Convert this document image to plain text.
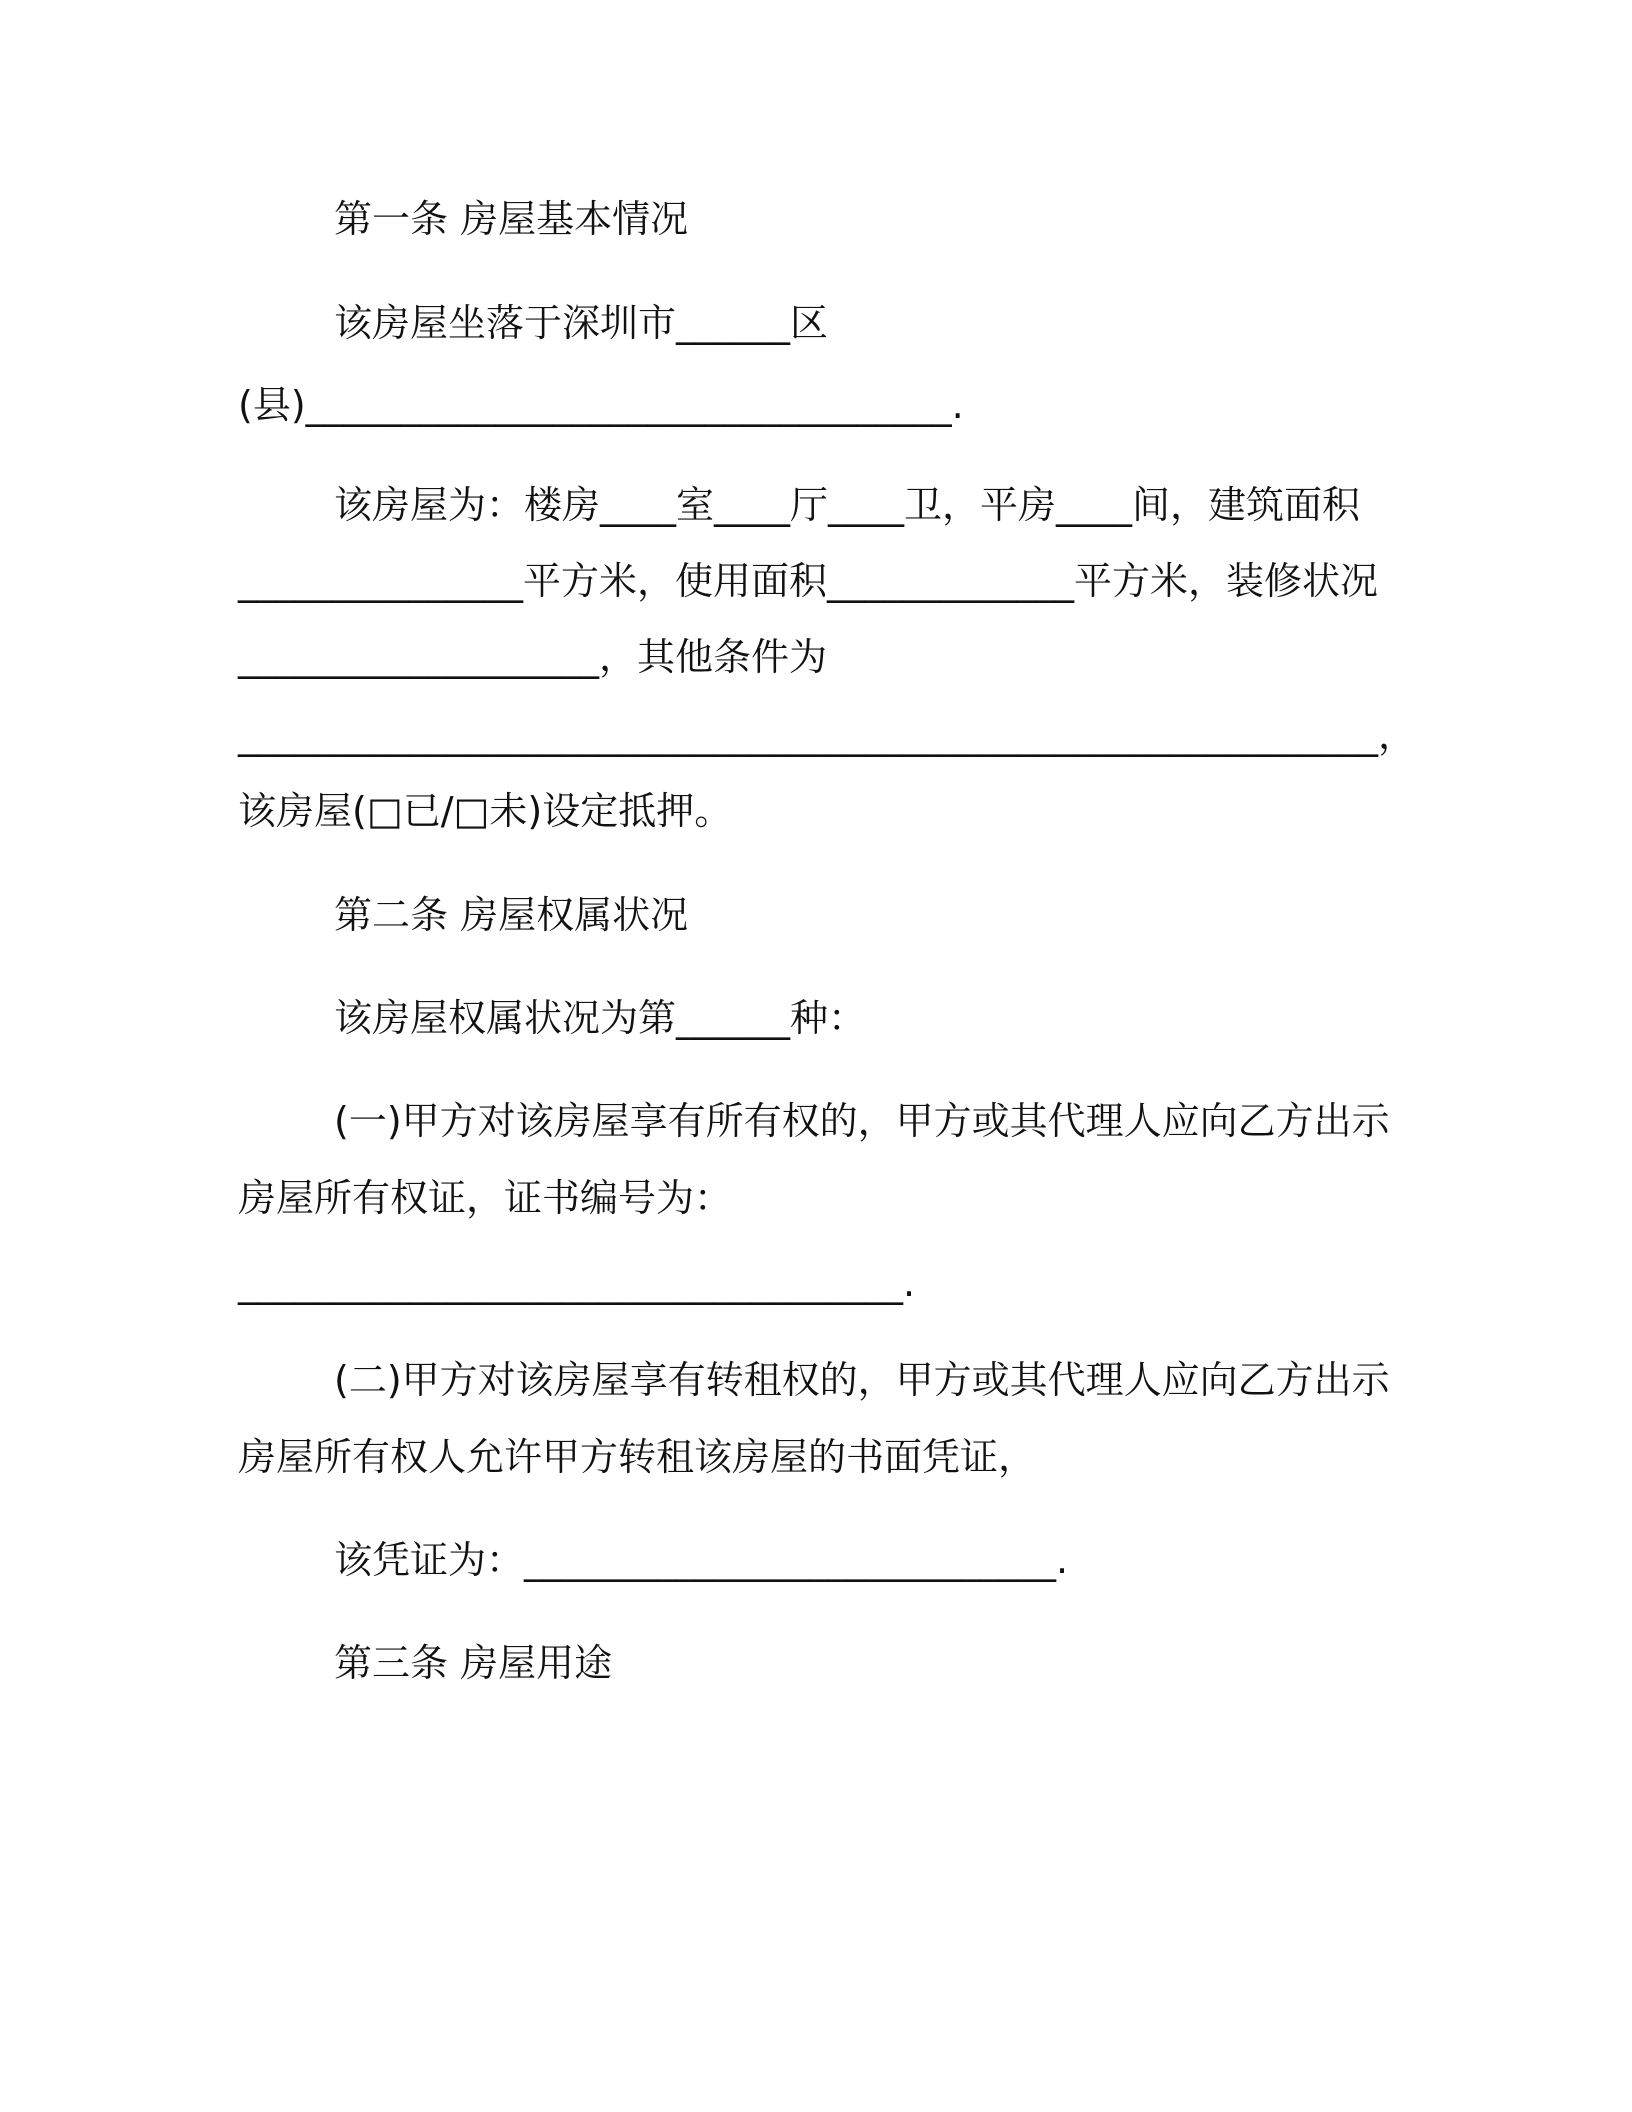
第一条 房屋基本情况
该房屋坐落于深圳市______区
(县)__________________________________.
该房屋为：楼房____室____厅____卫，平房____间，建筑面积
_______________平方米，使用面积_____________平方米，装修状况
___________________，其他条件为
____________________________________________________________，
该房屋(□已/□未)设定抵押。
第二条 房屋权属状况
该房屋权属状况为第______种：
(一)甲方对该房屋享有所有权的，甲方或其代理人应向乙方出示
房屋所有权证，证书编号为：
___________________________________.
(二)甲方对该房屋享有转租权的，甲方或其代理人应向乙方出示
房屋所有权人允许甲方转租该房屋的书面凭证，
该凭证为：____________________________.
第三条 房屋用途
